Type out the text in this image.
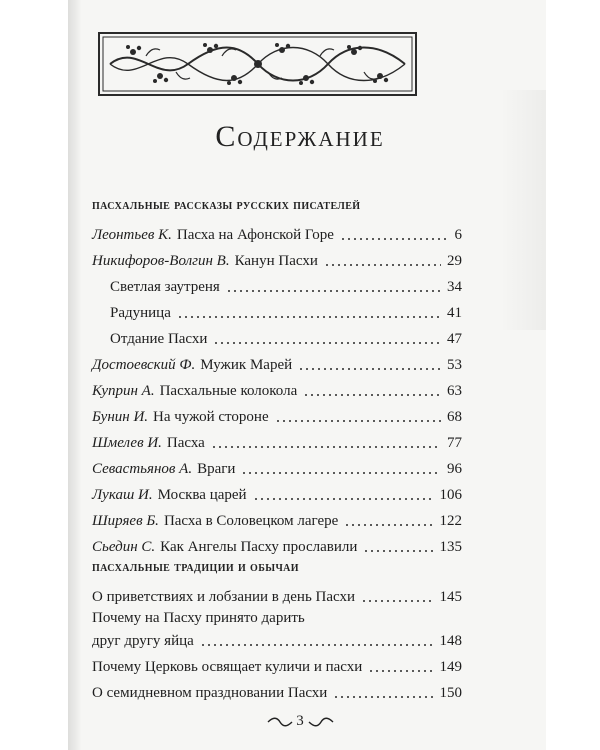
Содержание
пасхальные рассказы русских писателей
Леонтьев К. Пасха на Афонской Горе	6
Никифоров-Волгин В. Канун Пасхи	29
Светлая заутреня	34
Радуница	41
Отдание Пасхи	47
Достоевский Ф. Мужик Марей	53
Куприн А. Пасхальные колокола	63
Бунин И. На чужой стороне	68
Шмелев И. Пасха	77
Севастьянов А. Враги	96
Лукаш И. Москва царей	106
Ширяев Б. Пасха в Соловецком лагере	122
Сьедин С. Как Ангелы Пасху прославили	135
пасхальные традиции и обычаи
О приветствиях и лобзании в день Пасхи	145
Почему на Пасху принято дарить
друг другу яйца	148
Почему Церковь освящает куличи и пасхи	149
О семидневном праздновании Пасхи	150
3
